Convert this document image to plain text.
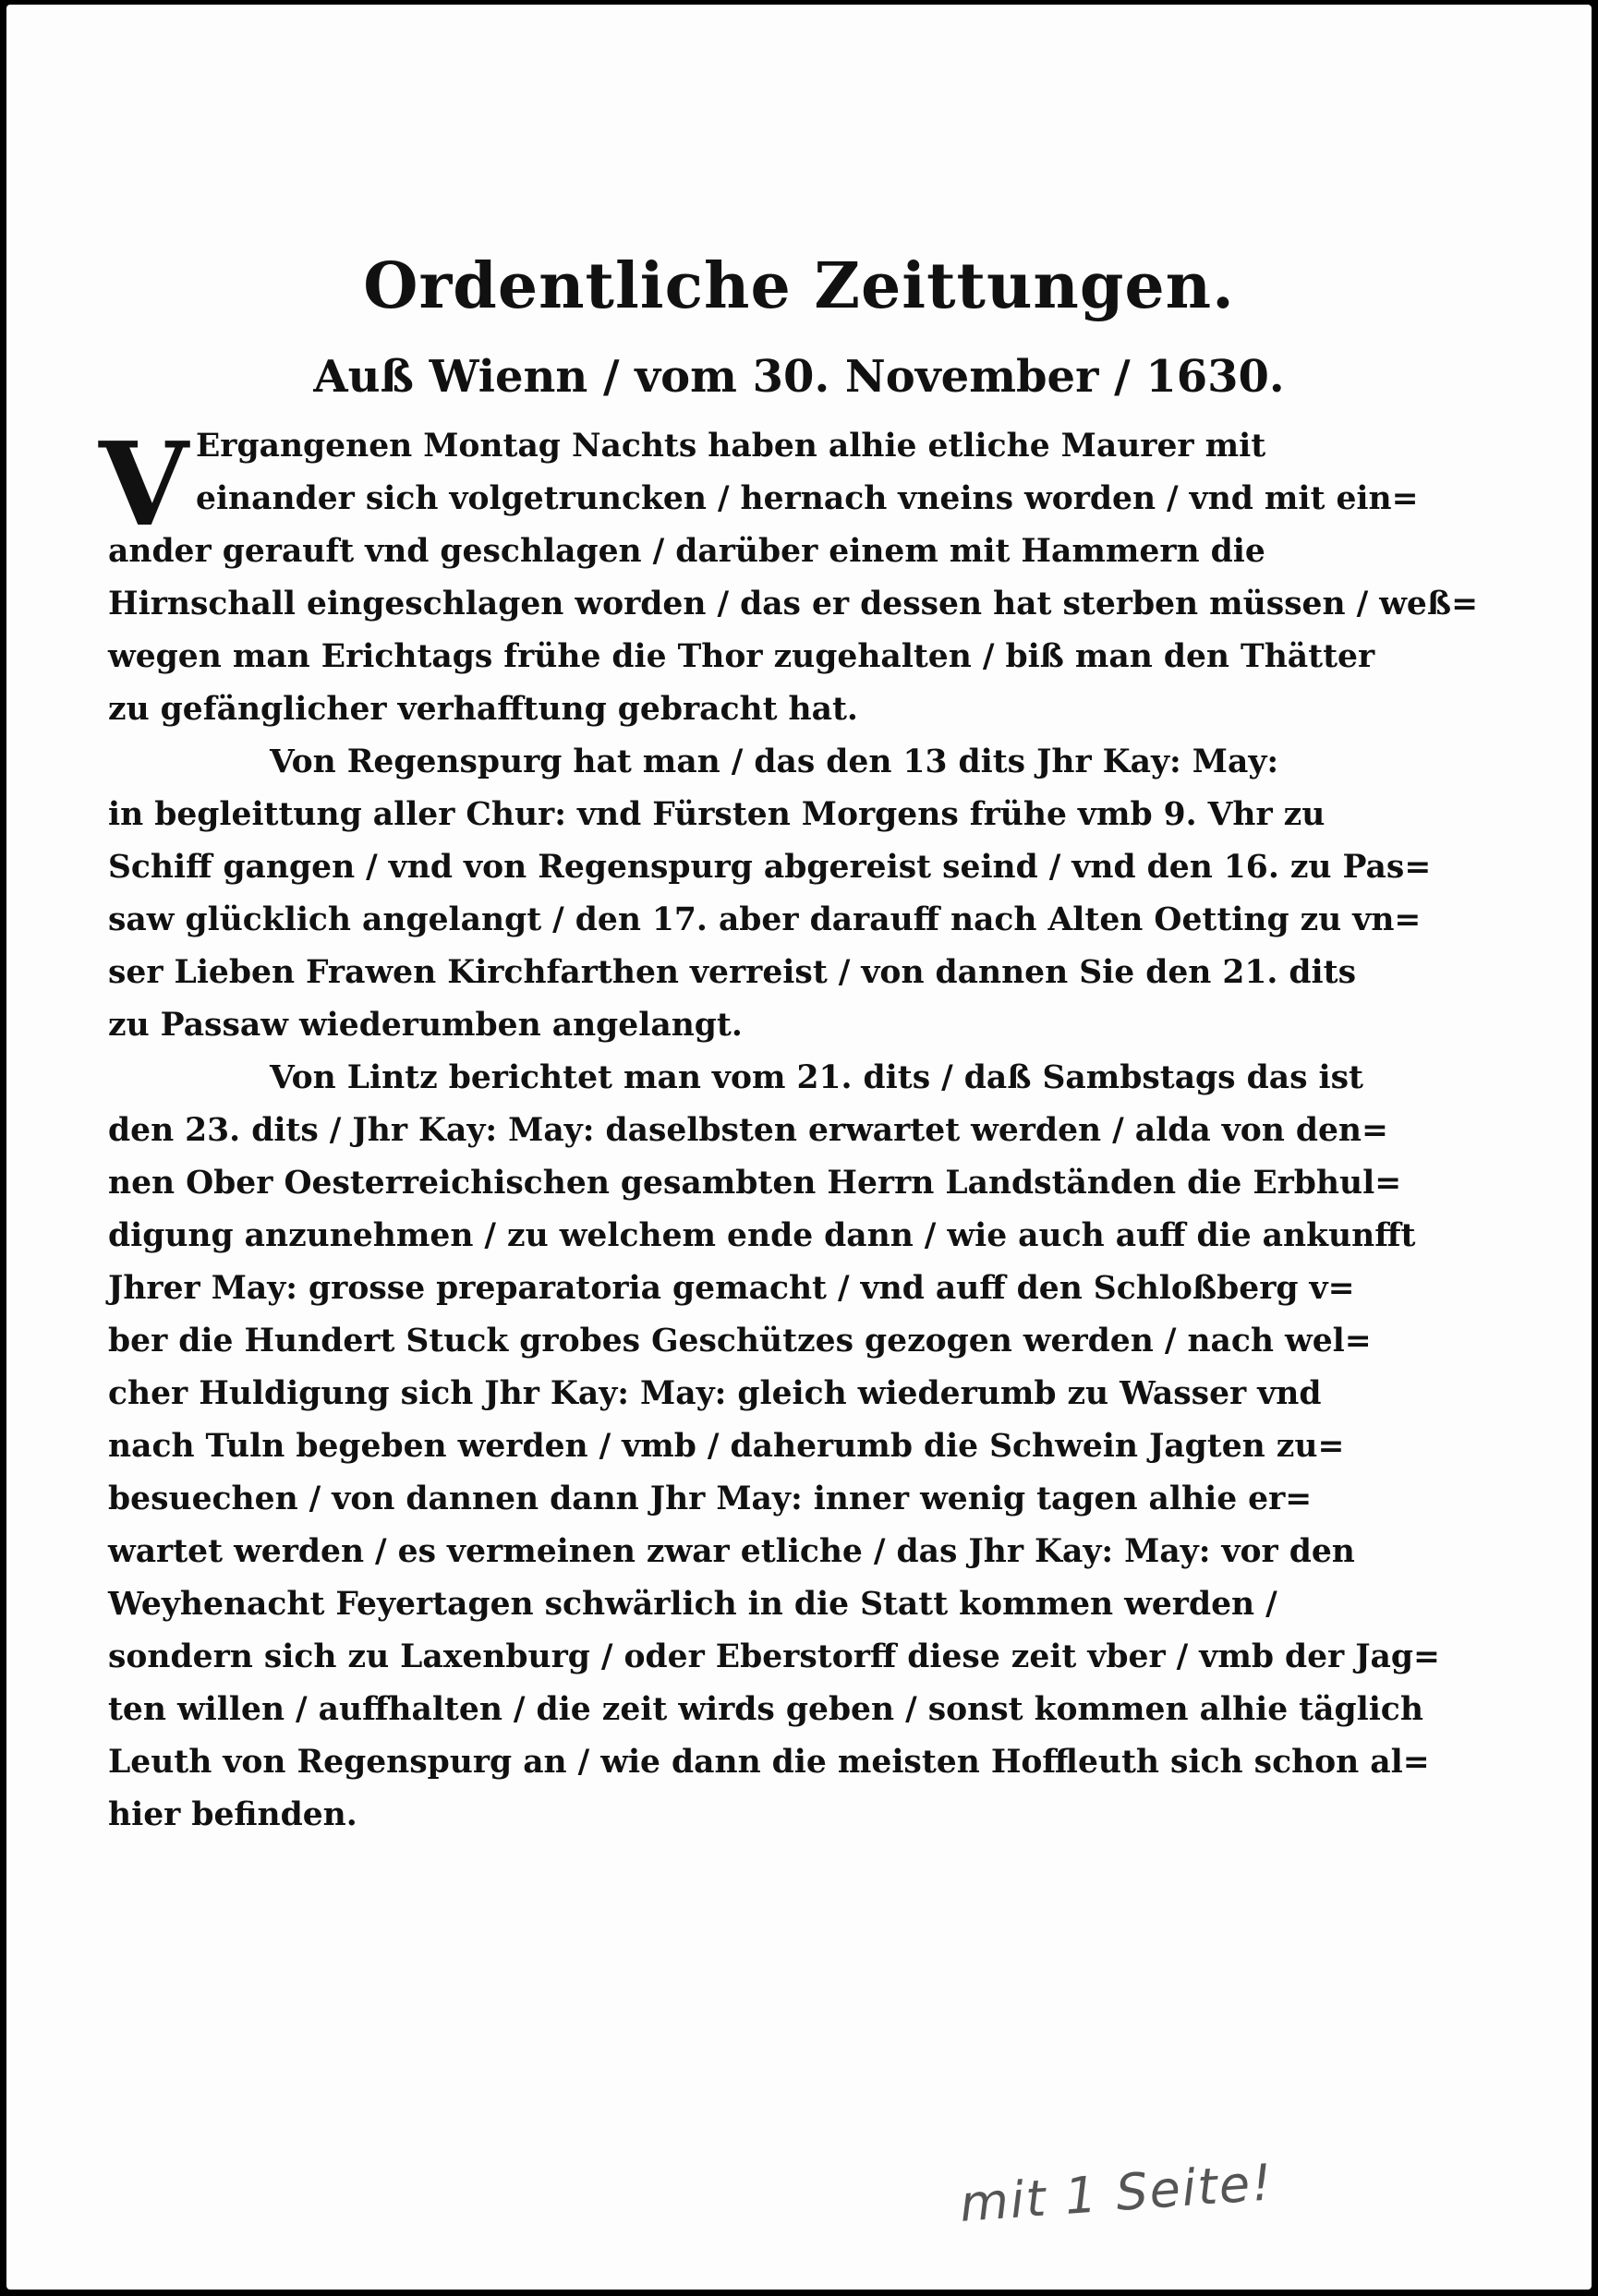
Ordentliche Zeittungen.
Auß Wienn / vom 30. November / 1630.
V Ergangenen Montag Nachts haben alhie etliche Maurer mit
einander sich volgetruncken / hernach vneins worden / vnd mit ein=
ander gerauft vnd geschlagen / darüber einem mit Hammern die
Hirnschall eingeschlagen worden / das er dessen hat sterben müssen / weß=
wegen man Erichtags frühe die Thor zugehalten / biß man den Thätter
zu gefänglicher verhafftung gebracht hat.
Von Regenspurg hat man / das den 13 dits Jhr Kay: May:
in begleittung aller Chur: vnd Fürsten Morgens frühe vmb 9. Vhr zu
Schiff gangen / vnd von Regenspurg abgereist seind / vnd den 16. zu Pas=
saw glücklich angelangt / den 17. aber darauff nach Alten Oetting zu vn=
ser Lieben Frawen Kirchfarthen verreist / von dannen Sie den 21. dits
zu Passaw wiederumben angelangt.
Von Lintz berichtet man vom 21. dits / daß Sambstags das ist
den 23. dits / Jhr Kay: May: daselbsten erwartet werden / alda von den=
nen Ober Oesterreichischen gesambten Herrn Landständen die Erbhul=
digung anzunehmen / zu welchem ende dann / wie auch auff die ankunfft
Jhrer May: grosse preparatoria gemacht / vnd auff den Schloßberg v=
ber die Hundert Stuck grobes Geschützes gezogen werden / nach wel=
cher Huldigung sich Jhr Kay: May: gleich wiederumb zu Wasser vnd
nach Tuln begeben werden / vmb / daherumb die Schwein Jagten zu=
besuechen / von dannen dann Jhr May: inner wenig tagen alhie er=
wartet werden / es vermeinen zwar etliche / das Jhr Kay: May: vor den
Weyhenacht Feyertagen schwärlich in die Statt kommen werden /
sondern sich zu Laxenburg / oder Eberstorff diese zeit vber / vmb der Jag=
ten willen / auffhalten / die zeit wirds geben / sonst kommen alhie täglich
Leuth von Regenspurg an / wie dann die meisten Hoffleuth sich schon al=
hier befinden.
mit 1 Seite!
